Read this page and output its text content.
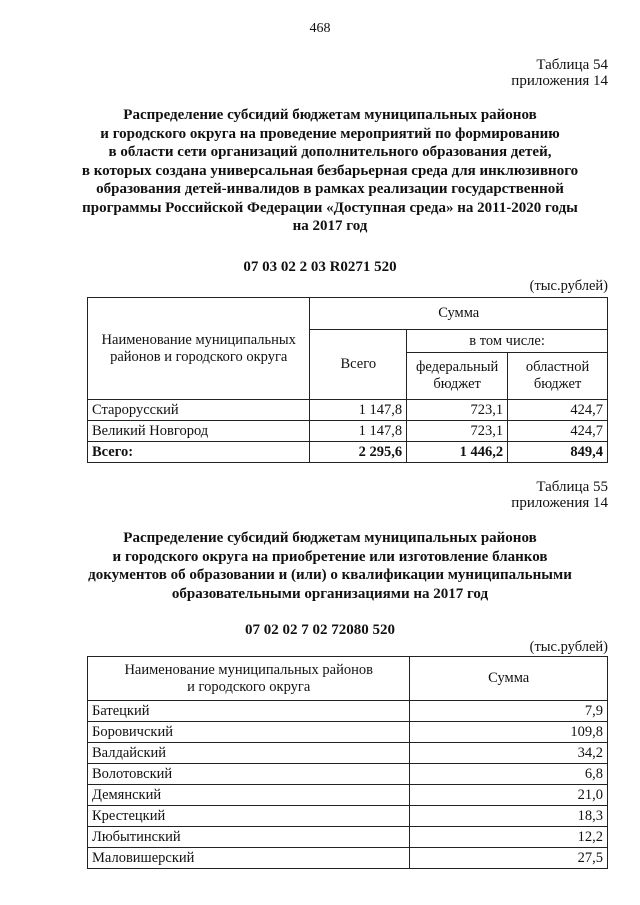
468
Таблица 54
приложения 14
Распределение субсидий бюджетам муниципальных районов
и городского округа на проведение мероприятий по формированию
в области сети организаций дополнительного образования детей,
в которых создана универсальная безбарьерная среда для инклюзивного
образования детей-инвалидов в рамках реализации государственной
программы Российской Федерации «Доступная среда» на 2011-2020 годы
на 2017 год
07 03 02 2 03 R0271 520
(тыс.рублей)
Наименование муниципальных районов и городского округа	Сумма		
	Всего	в том числе:	
		федеральный бюджет	областной бюджет
Старорусский	1 147,8	723,1	424,7
Великий Новгород	1 147,8	723,1	424,7
Всего:	2 295,6	1 446,2	849,4
Таблица 55
приложения 14
Распределение субсидий бюджетам муниципальных районов
и городского округа на приобретение или изготовление бланков
документов об образовании и (или) о квалификации муниципальными
образовательными организациями на 2017 год
07 02 02 7 02 72080 520
(тыс.рублей)
Наименование муниципальных районов
и городского округа	Сумма
Батецкий	7,9
Боровичский	109,8
Валдайский	34,2
Волотовский	6,8
Демянский	21,0
Крестецкий	18,3
Любытинский	12,2
Маловишерский	27,5
